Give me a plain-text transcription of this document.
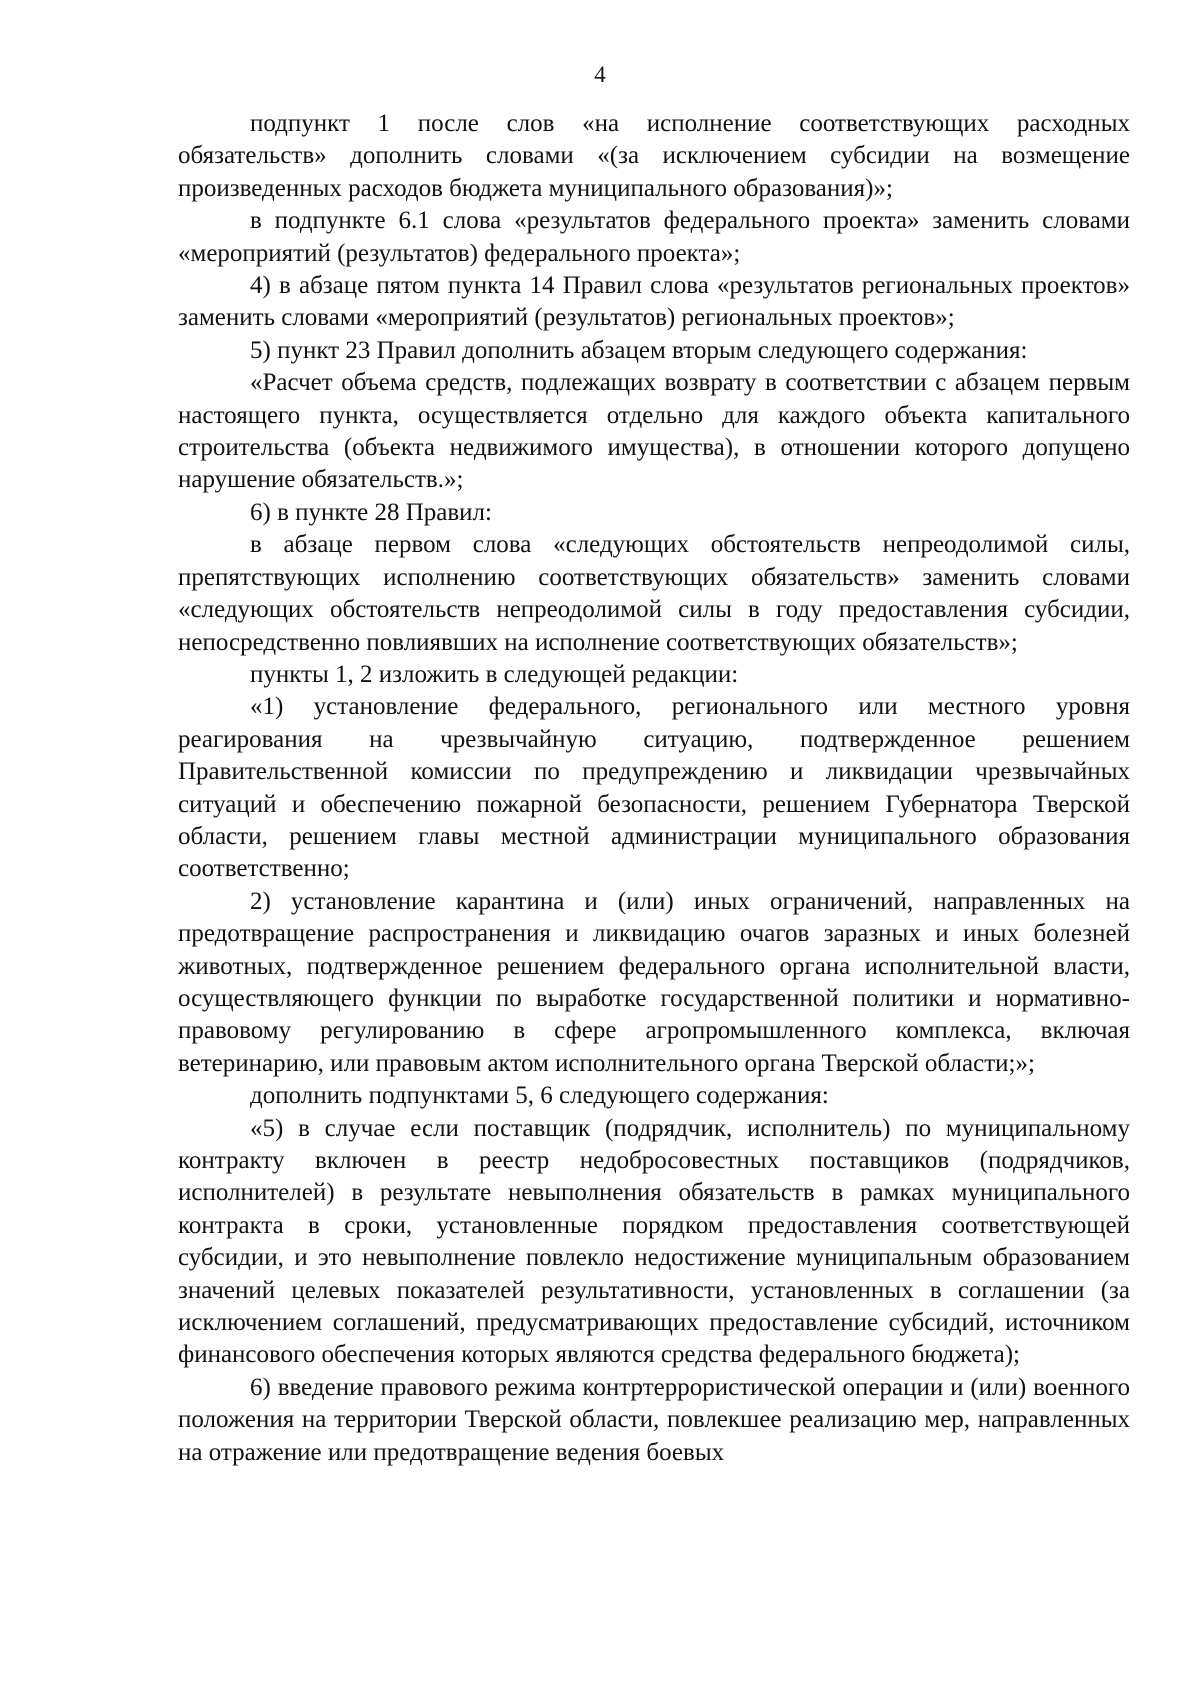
4

подпункт 1 после слов «на исполнение соответствующих расходных обязательств» дополнить словами «(за исключением субсидии на возмещение произведенных расходов бюджета муниципального образования)»;

в подпункте 6.1 слова «результатов федерального проекта» заменить словами «мероприятий (результатов) федерального проекта»;

4) в абзаце пятом пункта 14 Правил слова «результатов региональных проектов» заменить словами «мероприятий (результатов) региональных проектов»;

5) пункт 23 Правил дополнить абзацем вторым следующего содержания:

«Расчет объема средств, подлежащих возврату в соответствии с абзацем первым настоящего пункта, осуществляется отдельно для каждого объекта капитального строительства (объекта недвижимого имущества), в отношении которого допущено нарушение обязательств.»;

6) в пункте 28 Правил:

в абзаце первом слова «следующих обстоятельств непреодолимой силы, препятствующих исполнению соответствующих обязательств» заменить словами «следующих обстоятельств непреодолимой силы в году предоставления субсидии, непосредственно повлиявших на исполнение соответствующих обязательств»;

пункты 1, 2 изложить в следующей редакции:

«1) установление федерального, регионального или местного уровня реагирования на чрезвычайную ситуацию, подтвержденное решением Правительственной комиссии по предупреждению и ликвидации чрезвычайных ситуаций и обеспечению пожарной безопасности, решением Губернатора Тверской области, решением главы местной администрации муниципального образования соответственно;

2) установление карантина и (или) иных ограничений, направленных на предотвращение распространения и ликвидацию очагов заразных и иных болезней животных, подтвержденное решением федерального органа исполнительной власти, осуществляющего функции по выработке государственной политики и нормативно-правовому регулированию в сфере агропромышленного комплекса, включая ветеринарию, или правовым актом исполнительного органа Тверской области;»;

дополнить подпунктами 5, 6 следующего содержания:

«5) в случае если поставщик (подрядчик, исполнитель) по муниципальному контракту включен в реестр недобросовестных поставщиков (подрядчиков, исполнителей) в результате невыполнения обязательств в рамках муниципального контракта в сроки, установленные порядком предоставления соответствующей субсидии, и это невыполнение повлекло недостижение муниципальным образованием значений целевых показателей результативности, установленных в соглашении (за исключением соглашений, предусматривающих предоставление субсидий, источником финансового обеспечения которых являются средства федерального бюджета);

6) введение правового режима контртеррористической операции и (или) военного положения на территории Тверской области, повлекшее реализацию мер, направленных на отражение или предотвращение ведения боевых
